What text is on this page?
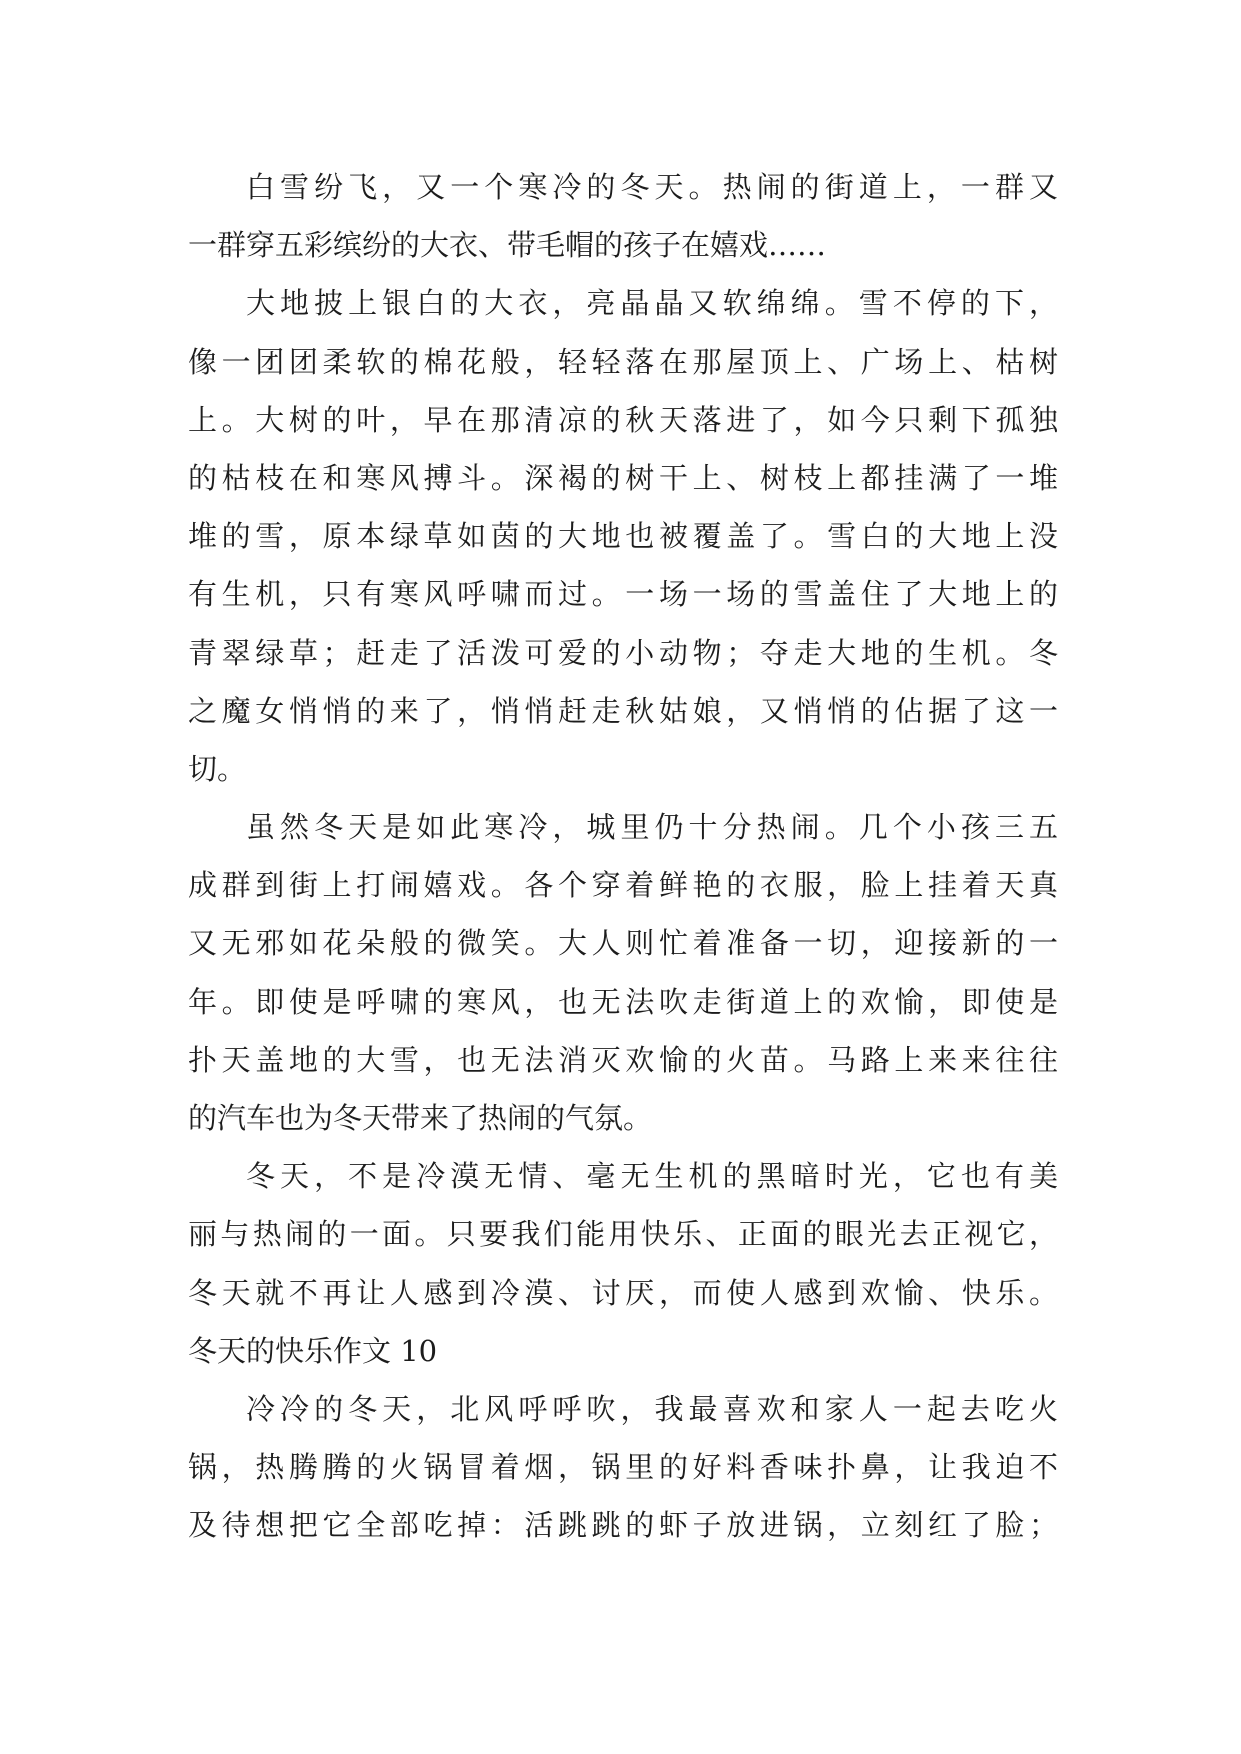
白雪纷飞，又一个寒冷的冬天。热闹的街道上，一群又
一群穿五彩缤纷的大衣、带毛帽的孩子在嬉戏……
大地披上银白的大衣，亮晶晶又软绵绵。雪不停的下，
像一团团柔软的棉花般，轻轻落在那屋顶上、广场上、枯树
上。大树的叶，早在那清凉的秋天落进了，如今只剩下孤独
的枯枝在和寒风搏斗。深褐的树干上、树枝上都挂满了一堆
堆的雪，原本绿草如茵的大地也被覆盖了。雪白的大地上没
有生机，只有寒风呼啸而过。一场一场的雪盖住了大地上的
青翠绿草；赶走了活泼可爱的小动物；夺走大地的生机。冬
之魔女悄悄的来了，悄悄赶走秋姑娘，又悄悄的佔据了这一
切。
虽然冬天是如此寒冷，城里仍十分热闹。几个小孩三五
成群到街上打闹嬉戏。各个穿着鲜艳的衣服，脸上挂着天真
又无邪如花朵般的微笑。大人则忙着准备一切，迎接新的一
年。即使是呼啸的寒风，也无法吹走街道上的欢愉，即使是
扑天盖地的大雪，也无法消灭欢愉的火苗。马路上来来往往
的汽车也为冬天带来了热闹的气氛。
冬天，不是冷漠无情、毫无生机的黑暗时光，它也有美
丽与热闹的一面。只要我们能用快乐、正面的眼光去正视它，
冬天就不再让人感到冷漠、讨厌，而使人感到欢愉、快乐。
冬天的快乐作文 10
冷冷的冬天，北风呼呼吹，我最喜欢和家人一起去吃火
锅，热腾腾的火锅冒着烟，锅里的好料香味扑鼻，让我迫不
及待想把它全部吃掉：活跳跳的虾子放进锅，立刻红了脸；
